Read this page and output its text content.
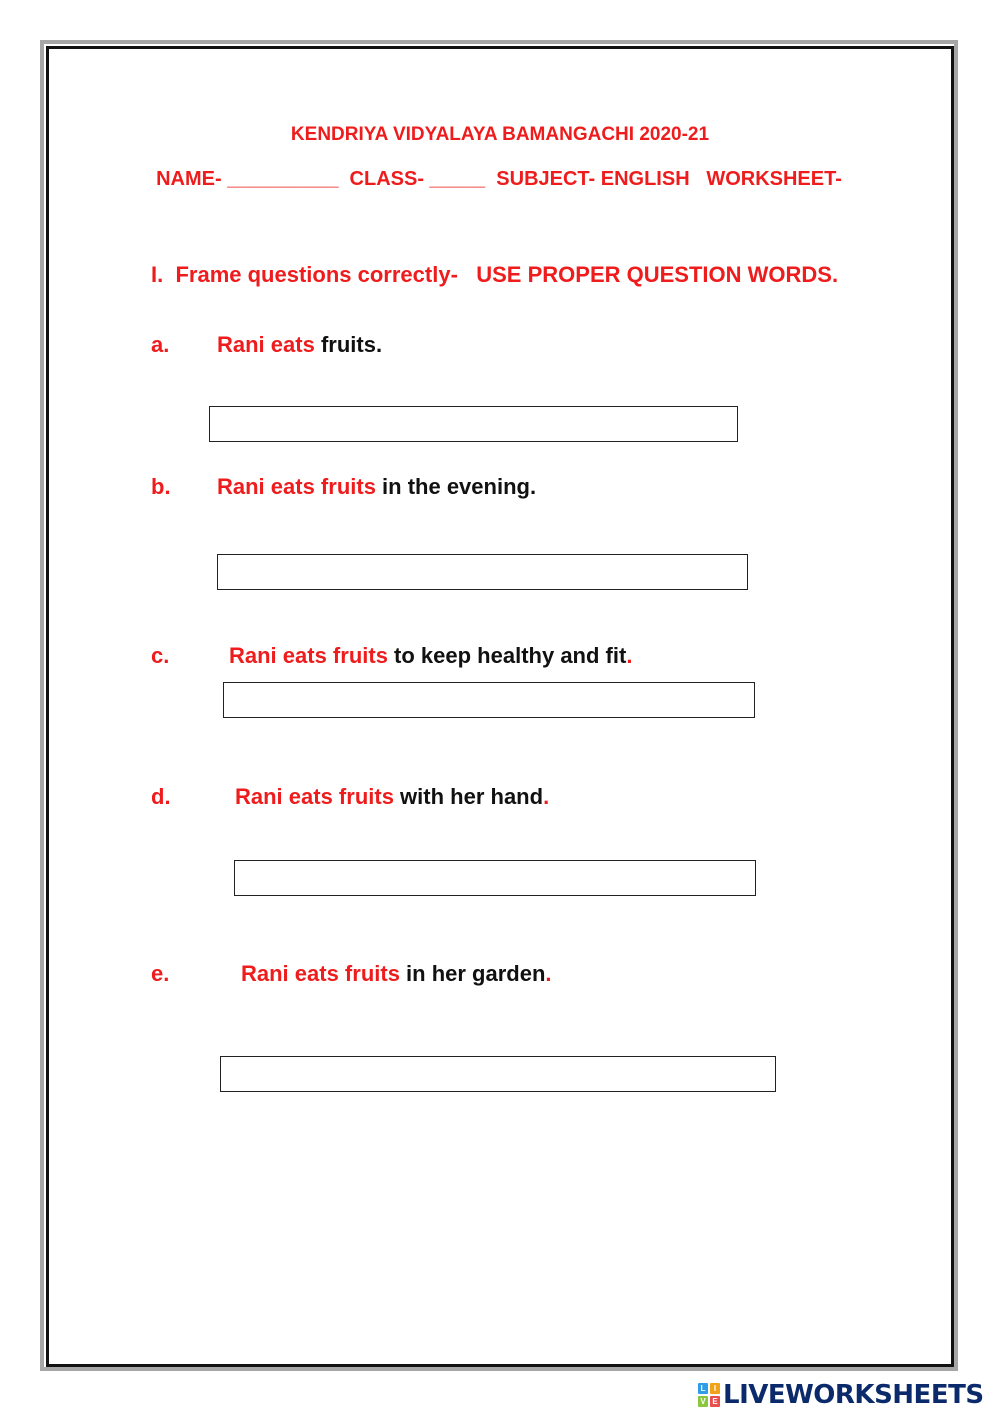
KENDRIYA VIDYALAYA BAMANGACHI 2020-21
NAME- __________  CLASS- _____  SUBJECT- ENGLISH   WORKSHEET-
I. Frame questions correctly- USE PROPER QUESTION WORDS.

a.

Rani eats fruits.

b.

Rani eats fruits in the evening.

c.

	Rani eats fruits to keep healthy and fit.

d.

	Rani eats fruits with her hand.

e.

	Rani eats fruits in her garden.

L	I
V E LIVEWORKSHEETS
